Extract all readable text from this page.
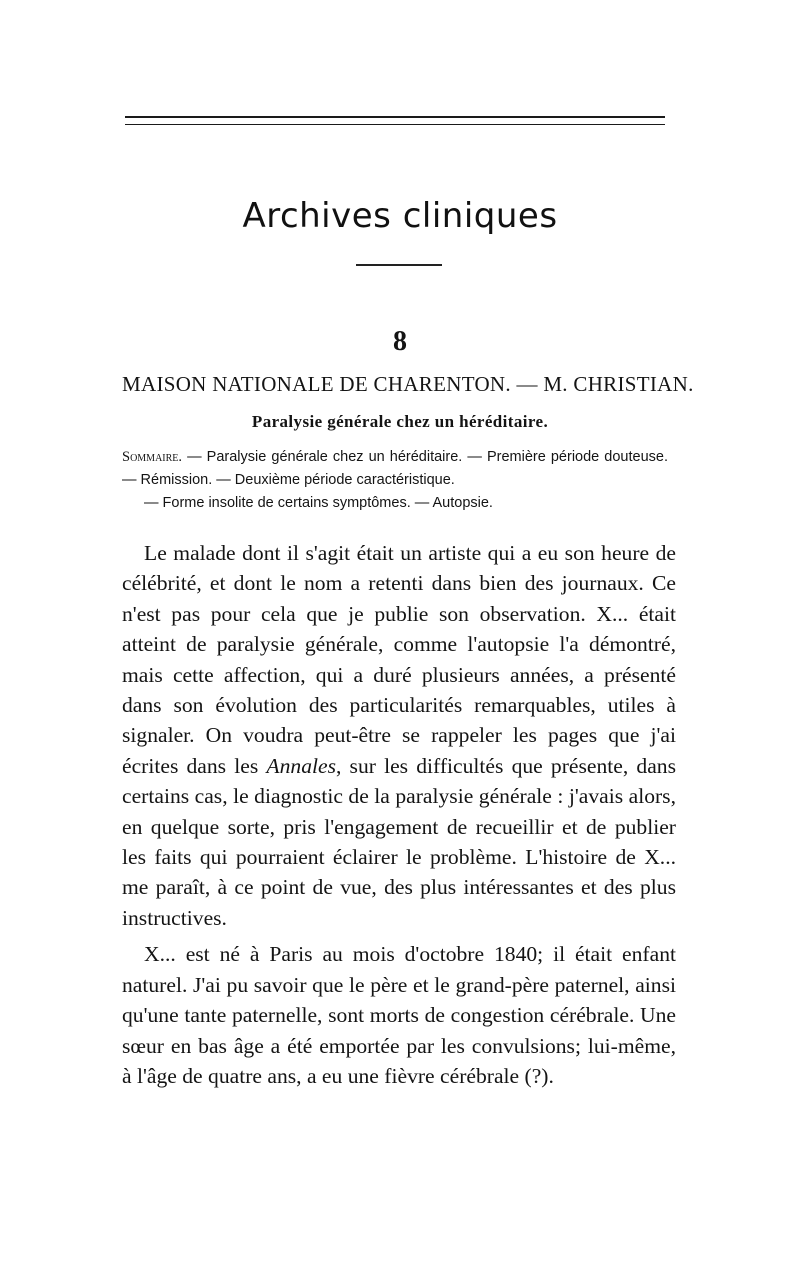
Archives cliniques
8
MAISON NATIONALE DE CHARENTON. — M. CHRISTIAN.
Paralysie générale chez un héréditaire.
Sommaire. — Paralysie générale chez un héréditaire. — Première période douteuse. — Rémission. — Deuxième période caractéristique.
— Forme insolite de certains symptômes. — Autopsie.

Le malade dont il s'agit était un artiste qui a eu son heure de célébrité, et dont le nom a retenti dans bien des journaux. Ce n'est pas pour cela que je publie son observation. X... était atteint de paralysie générale, comme l'autopsie l'a démontré, mais cette affection, qui a duré plusieurs années, a présenté dans son évolution des particularités remarquables, utiles à signaler. On voudra peut-être se rappeler les pages que j'ai écrites dans les Annales, sur les difficultés que présente, dans certains cas, le diagnostic de la paralysie générale : j'avais alors, en quelque sorte, pris l'engagement de recueillir et de publier les faits qui pourraient éclairer le problème. L'histoire de X... me paraît, à ce point de vue, des plus intéressantes et des plus instructives.

X... est né à Paris au mois d'octobre 1840; il était enfant naturel. J'ai pu savoir que le père et le grand-père paternel, ainsi qu'une tante paternelle, sont morts de congestion cérébrale. Une sœur en bas âge a été emportée par les convulsions; lui-même, à l'âge de quatre ans, a eu une fièvre cérébrale (?).
